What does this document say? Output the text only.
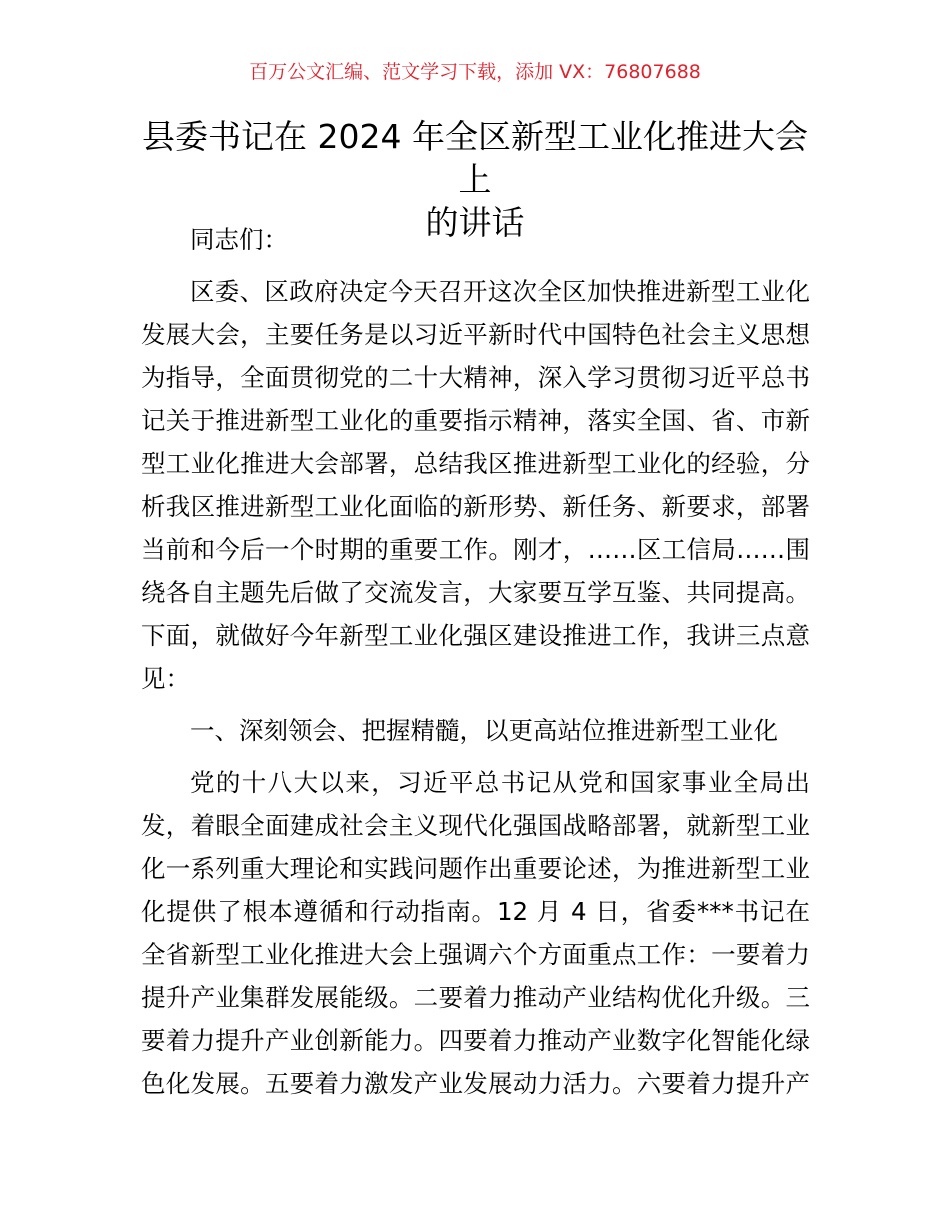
百万公文汇编、范文学习下载，添加 VX：76807688
县委书记在 2024 年全区新型工业化推进大会上
的讲话
同志们：
区委、区政府决定今天召开这次全区加快推进新型工业化
发展大会，主要任务是以习近平新时代中国特色社会主义思想
为指导，全面贯彻党的二十大精神，深入学习贯彻习近平总书
记关于推进新型工业化的重要指示精神，落实全国、省、市新
型工业化推进大会部署，总结我区推进新型工业化的经验，分
析我区推进新型工业化面临的新形势、新任务、新要求，部署
当前和今后一个时期的重要工作。刚才，……区工信局……围
绕各自主题先后做了交流发言，大家要互学互鉴、共同提高。
下面，就做好今年新型工业化强区建设推进工作，我讲三点意
见：
一、深刻领会、把握精髓，以更高站位推进新型工业化
党的十八大以来，习近平总书记从党和国家事业全局出
发，着眼全面建成社会主义现代化强国战略部署，就新型工业
化一系列重大理论和实践问题作出重要论述，为推进新型工业
化提供了根本遵循和行动指南。12 月 4 日，省委***书记在
全省新型工业化推进大会上强调六个方面重点工作：一要着力
提升产业集群发展能级。二要着力推动产业结构优化升级。三
要着力提升产业创新能力。四要着力推动产业数字化智能化绿
色化发展。五要着力激发产业发展动力活力。六要着力提升产
